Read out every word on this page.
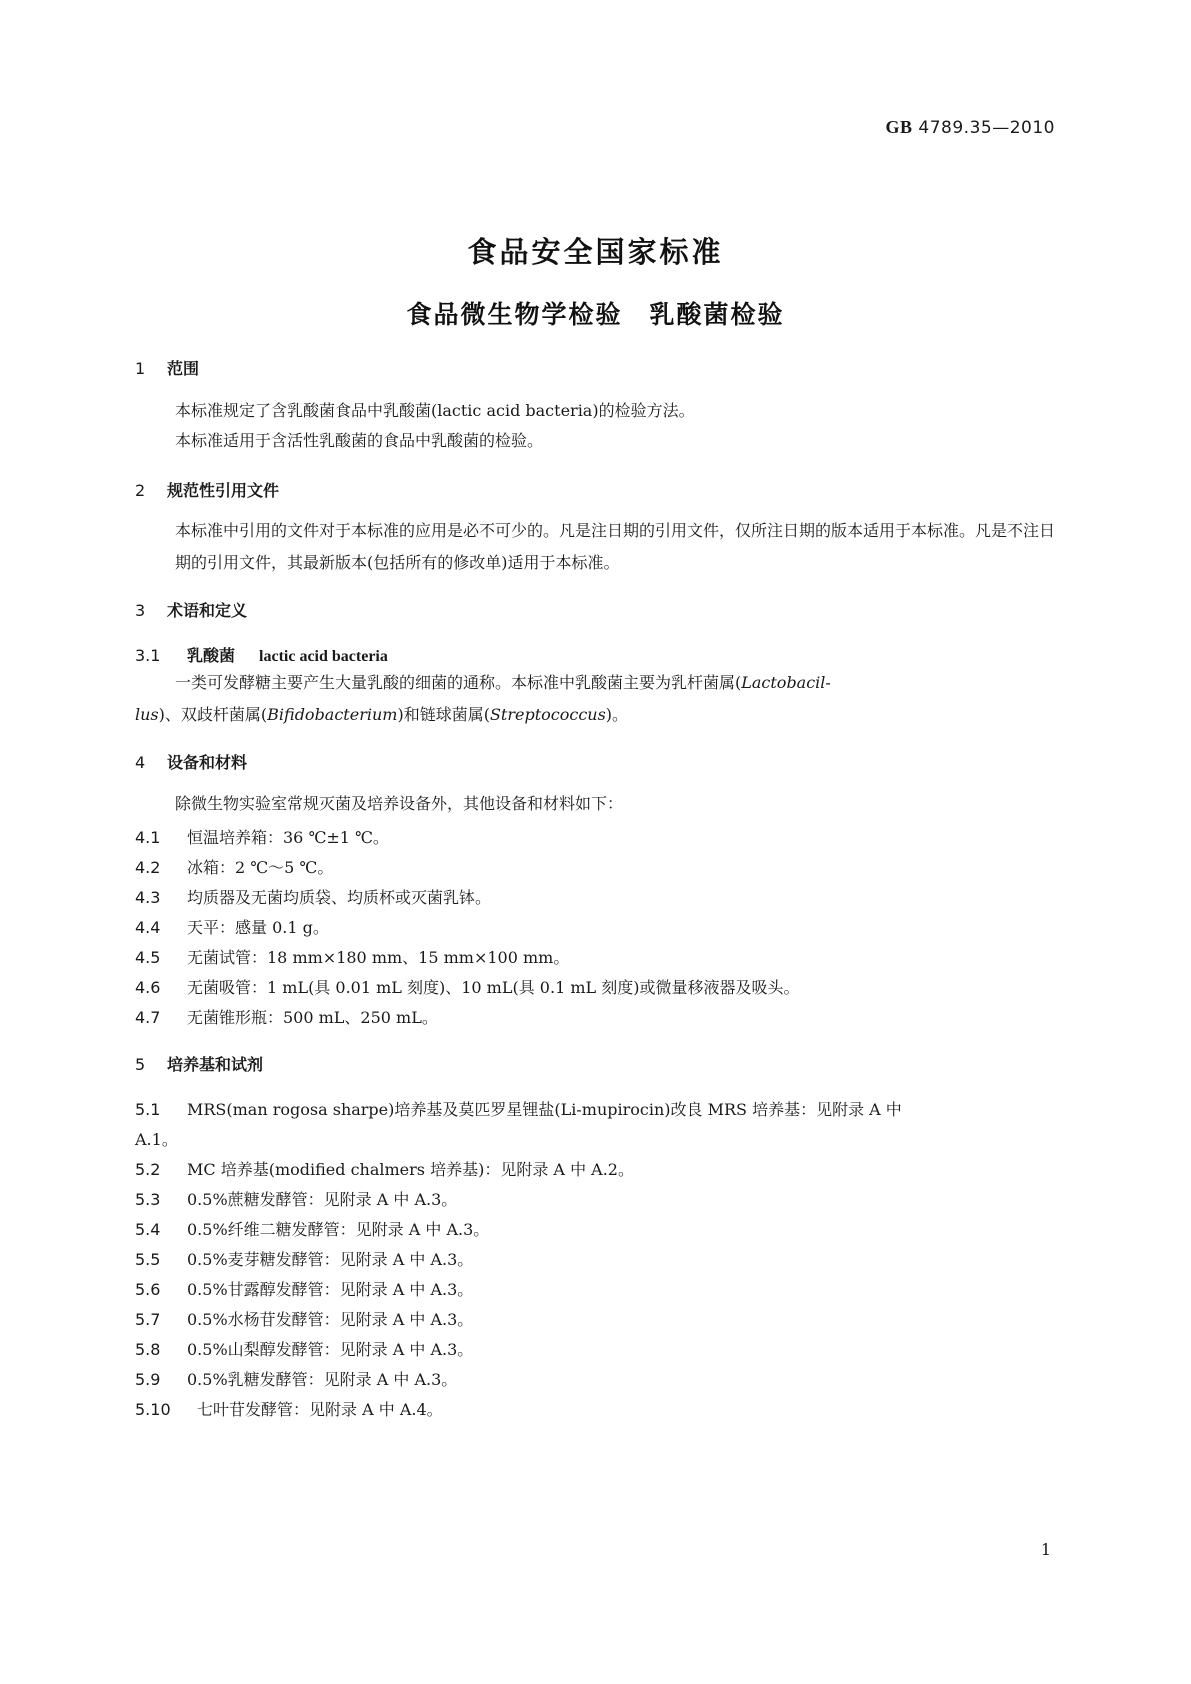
GB 4789.35—2010
食品安全国家标准
食品微生物学检验　乳酸菌检验
1 范围
本标准规定了含乳酸菌食品中乳酸菌(lactic acid bacteria)的检验方法。
本标准适用于含活性乳酸菌的食品中乳酸菌的检验。
2 规范性引用文件
本标准中引用的文件对于本标准的应用是必不可少的。凡是注日期的引用文件，仅所注日期的版本适用于本标准。凡是不注日期的引用文件，其最新版本(包括所有的修改单)适用于本标准。
3 术语和定义
3.1 乳酸菌 lactic acid bacteria
一类可发酵糖主要产生大量乳酸的细菌的通称。本标准中乳酸菌主要为乳杆菌属(Lactobacil-
lus)、双歧杆菌属(Bifidobacterium)和链球菌属(Streptococcus)。
4 设备和材料
除微生物实验室常规灭菌及培养设备外，其他设备和材料如下：
4.1 恒温培养箱：36 ℃±1 ℃。
4.2 冰箱：2 ℃～5 ℃。
4.3 均质器及无菌均质袋、均质杯或灭菌乳钵。
4.4 天平：感量 0.1 g。
4.5 无菌试管：18 mm×180 mm、15 mm×100 mm。
4.6 无菌吸管：1 mL(具 0.01 mL 刻度)、10 mL(具 0.1 mL 刻度)或微量移液器及吸头。
4.7 无菌锥形瓶：500 mL、250 mL。
5 培养基和试剂
5.1 MRS(man rogosa sharpe)培养基及莫匹罗星锂盐(Li-mupirocin)改良 MRS 培养基：见附录 A 中
A.1。
5.2 MC 培养基(modified chalmers 培养基)：见附录 A 中 A.2。
5.3 0.5%蔗糖发酵管：见附录 A 中 A.3。
5.4 0.5%纤维二糖发酵管：见附录 A 中 A.3。
5.5 0.5%麦芽糖发酵管：见附录 A 中 A.3。
5.6 0.5%甘露醇发酵管：见附录 A 中 A.3。
5.7 0.5%水杨苷发酵管：见附录 A 中 A.3。
5.8 0.5%山梨醇发酵管：见附录 A 中 A.3。
5.9 0.5%乳糖发酵管：见附录 A 中 A.3。
5.10 七叶苷发酵管：见附录 A 中 A.4。
1
